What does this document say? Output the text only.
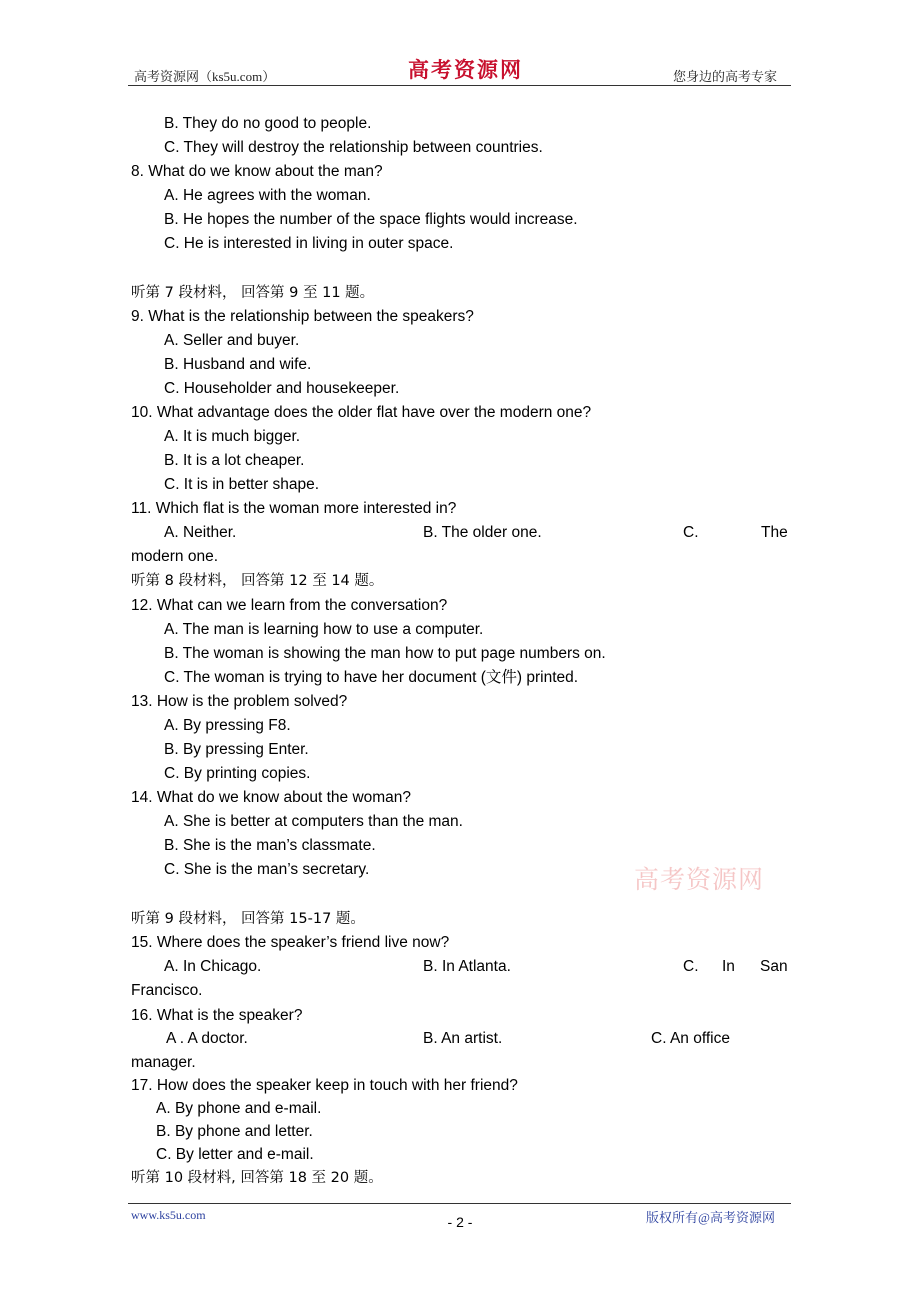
高考资源网（ks5u.com）	高考资源网	您身边的高考专家
B. They do no good to people.
C. They will destroy the relationship between countries.
8. What do we know about the man?
A. He agrees with the woman.
B. He hopes the number of the space flights would increase.
C. He is interested in living in outer space.
听第 7 段材料， 回答第 9 至 11 题。
9. What is the relationship between the speakers?
A. Seller and buyer.
B. Husband and wife.
C. Householder and housekeeper.
10. What advantage does the older flat have over the modern one?
A. It is much bigger.
B. It is a lot cheaper.
C. It is in better shape.
11. Which flat is the woman more interested in?
A. Neither.	B. The older one.	C.	The
modern one.
听第 8 段材料， 回答第 12 至 14 题。
12. What can we learn from the conversation?
A. The man is learning how to use a computer.
B. The woman is showing the man how to put page numbers on.
C. The woman is trying to have her document (文件) printed.
13. How is the problem solved?
A. By pressing F8.
B. By pressing Enter.
C. By printing copies.
14. What do we know about the woman?
A. She is better at computers than the man.
B. She is the man’s classmate.
C. She is the man’s secretary.	高考资源网
听第 9 段材料， 回答第 15-17 题。
15. Where does the speaker’s friend live now?
A. In Chicago.	B. In Atlanta.	C. In San
Francisco.
16. What is the speaker?
A . A doctor.	B. An artist.	C. An office
manager.
17. How does the speaker keep in touch with her friend?
A. By phone and e-mail.
B. By phone and letter.
C. By letter and e-mail.
听第 10 段材料, 回答第 18 至 20 题。
www.ks5u.com	- 2 -	版权所有@高考资源网
